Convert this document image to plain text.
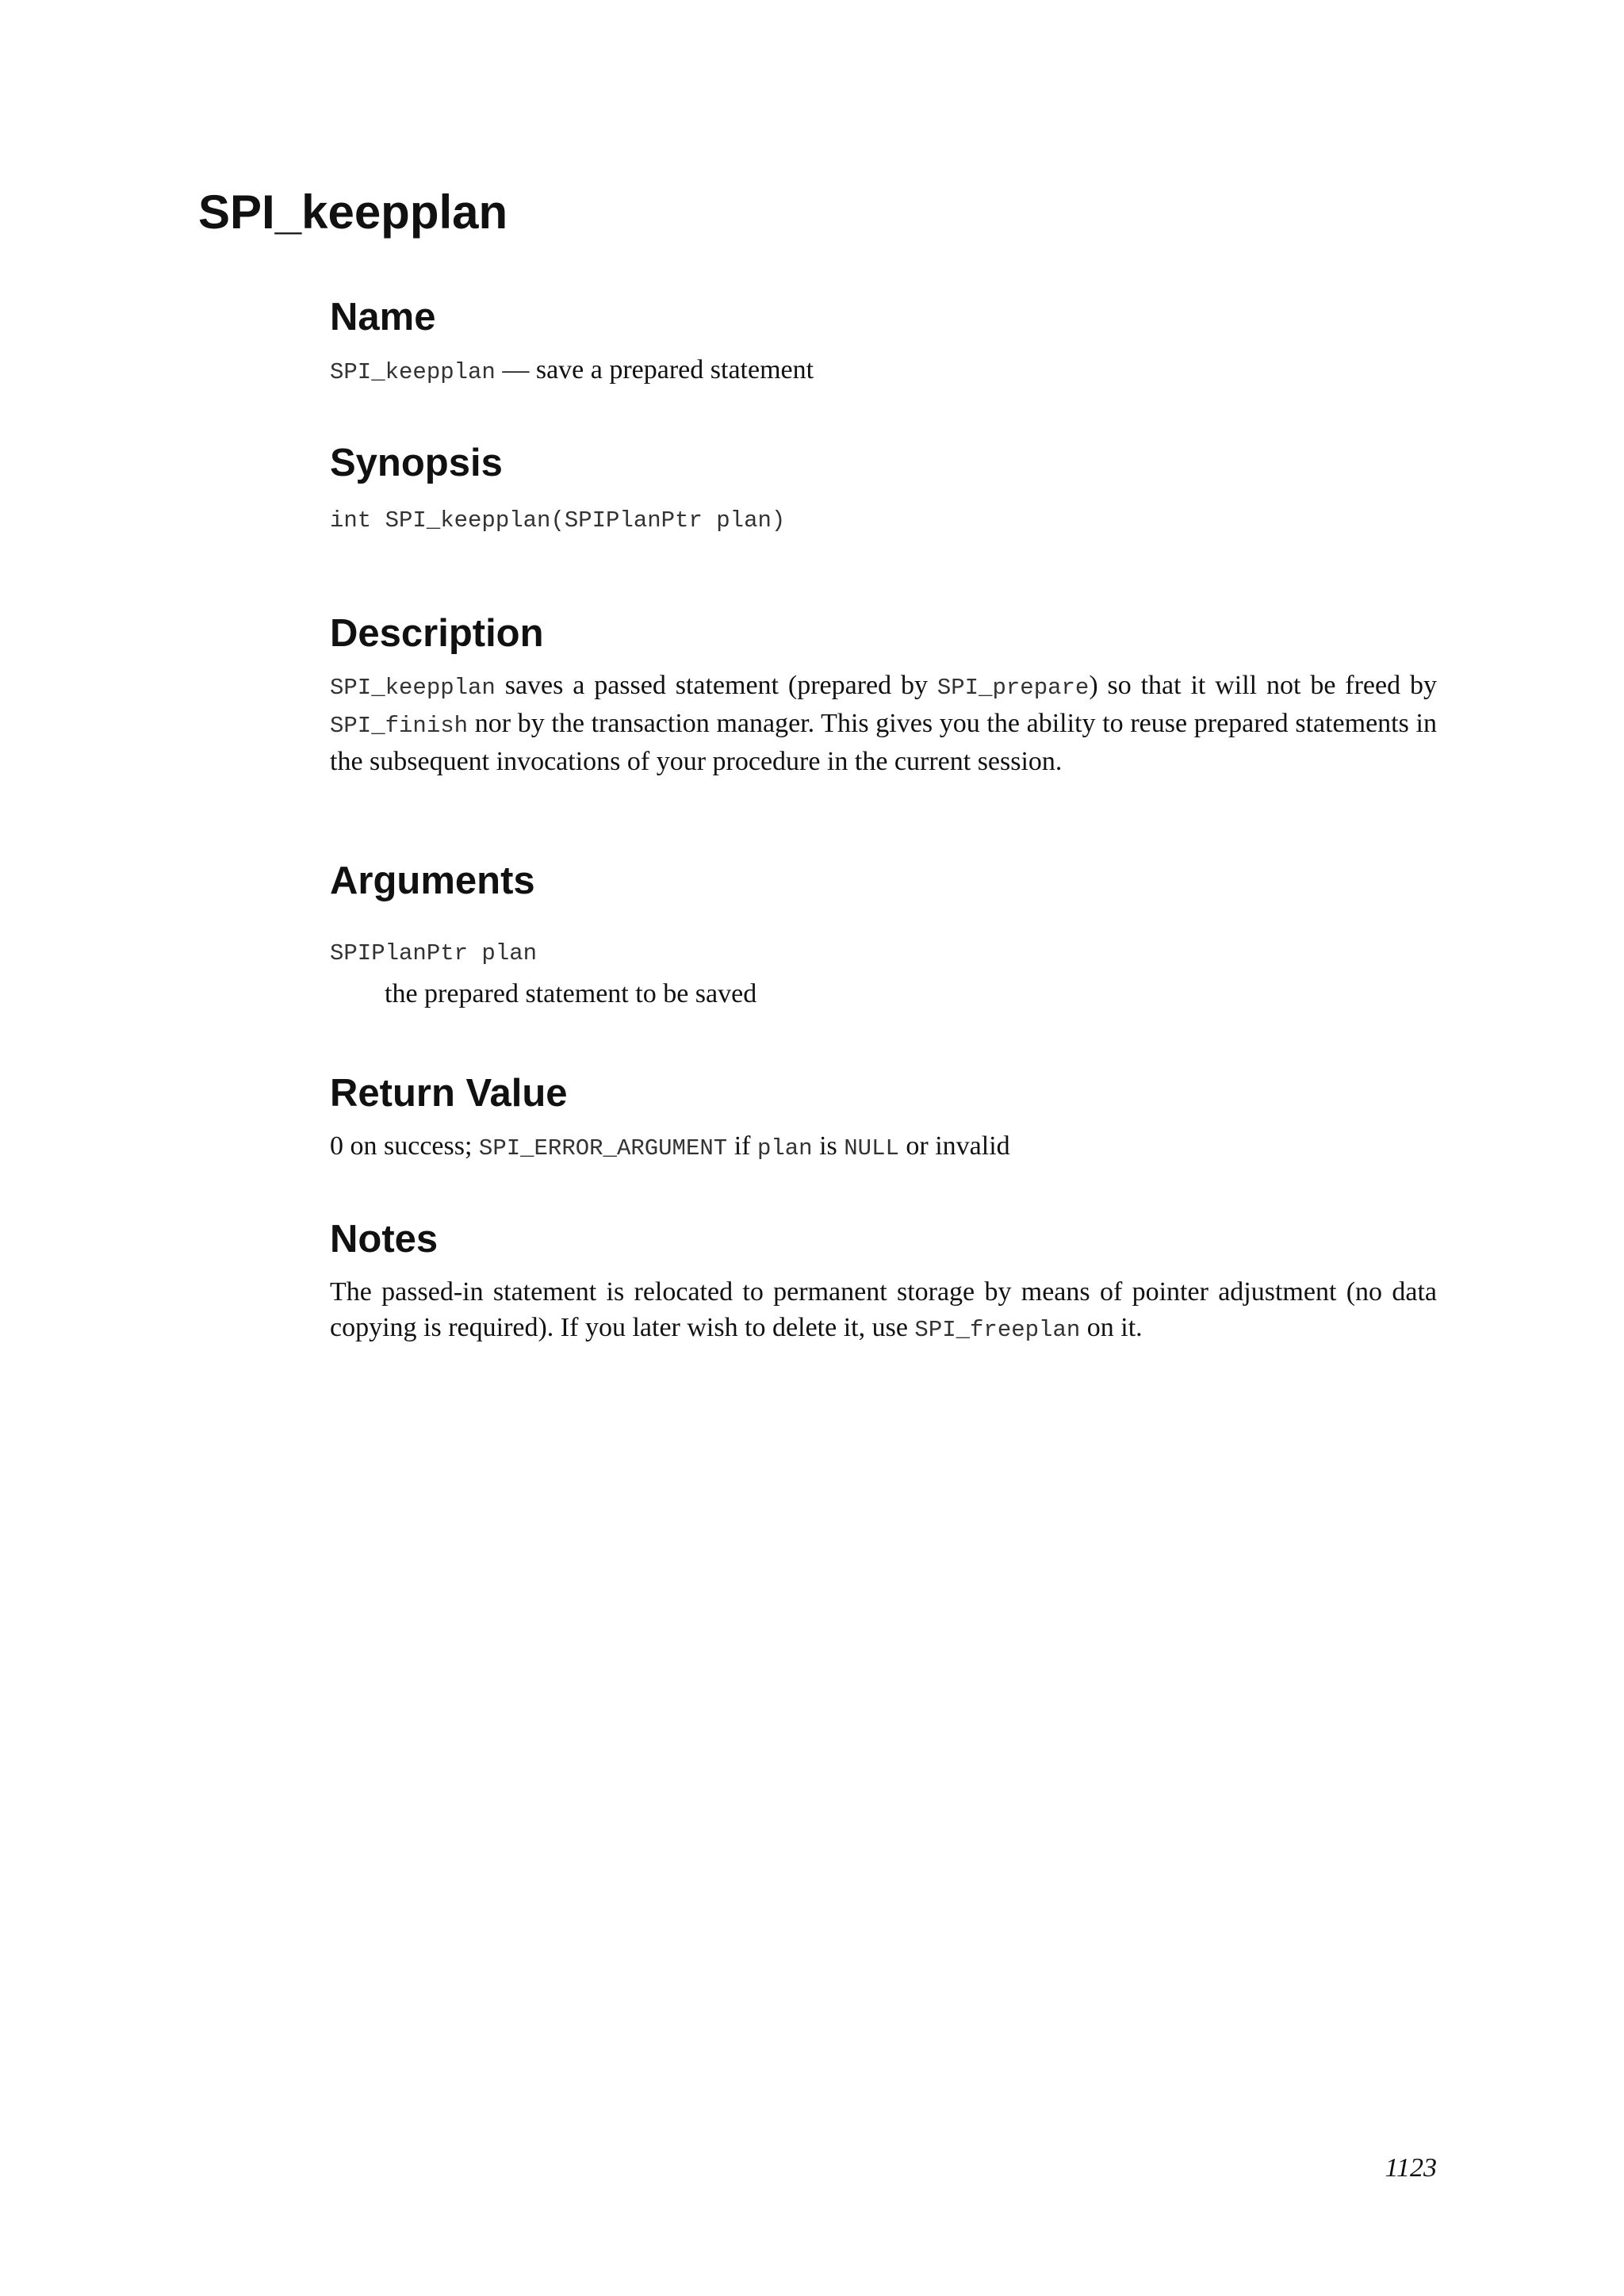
SPI_keepplan
Name

SPI_keepplan — save a prepared statement

Synopsis

int SPI_keepplan(SPIPlanPtr plan)

Description

SPI_keepplan saves a passed statement (prepared by SPI_prepare) so that it will not be freed by SPI_finish nor by the transaction manager. This gives you the ability to reuse prepared statements in the subsequent invocations of your procedure in the current session.

Arguments

SPIPlanPtr plan

the prepared statement to be saved

Return Value

0 on success; SPI_ERROR_ARGUMENT if plan is NULL or invalid

Notes

The passed-in statement is relocated to permanent storage by means of pointer adjustment (no data copying is required). If you later wish to delete it, use SPI_freeplan on it.

1123
